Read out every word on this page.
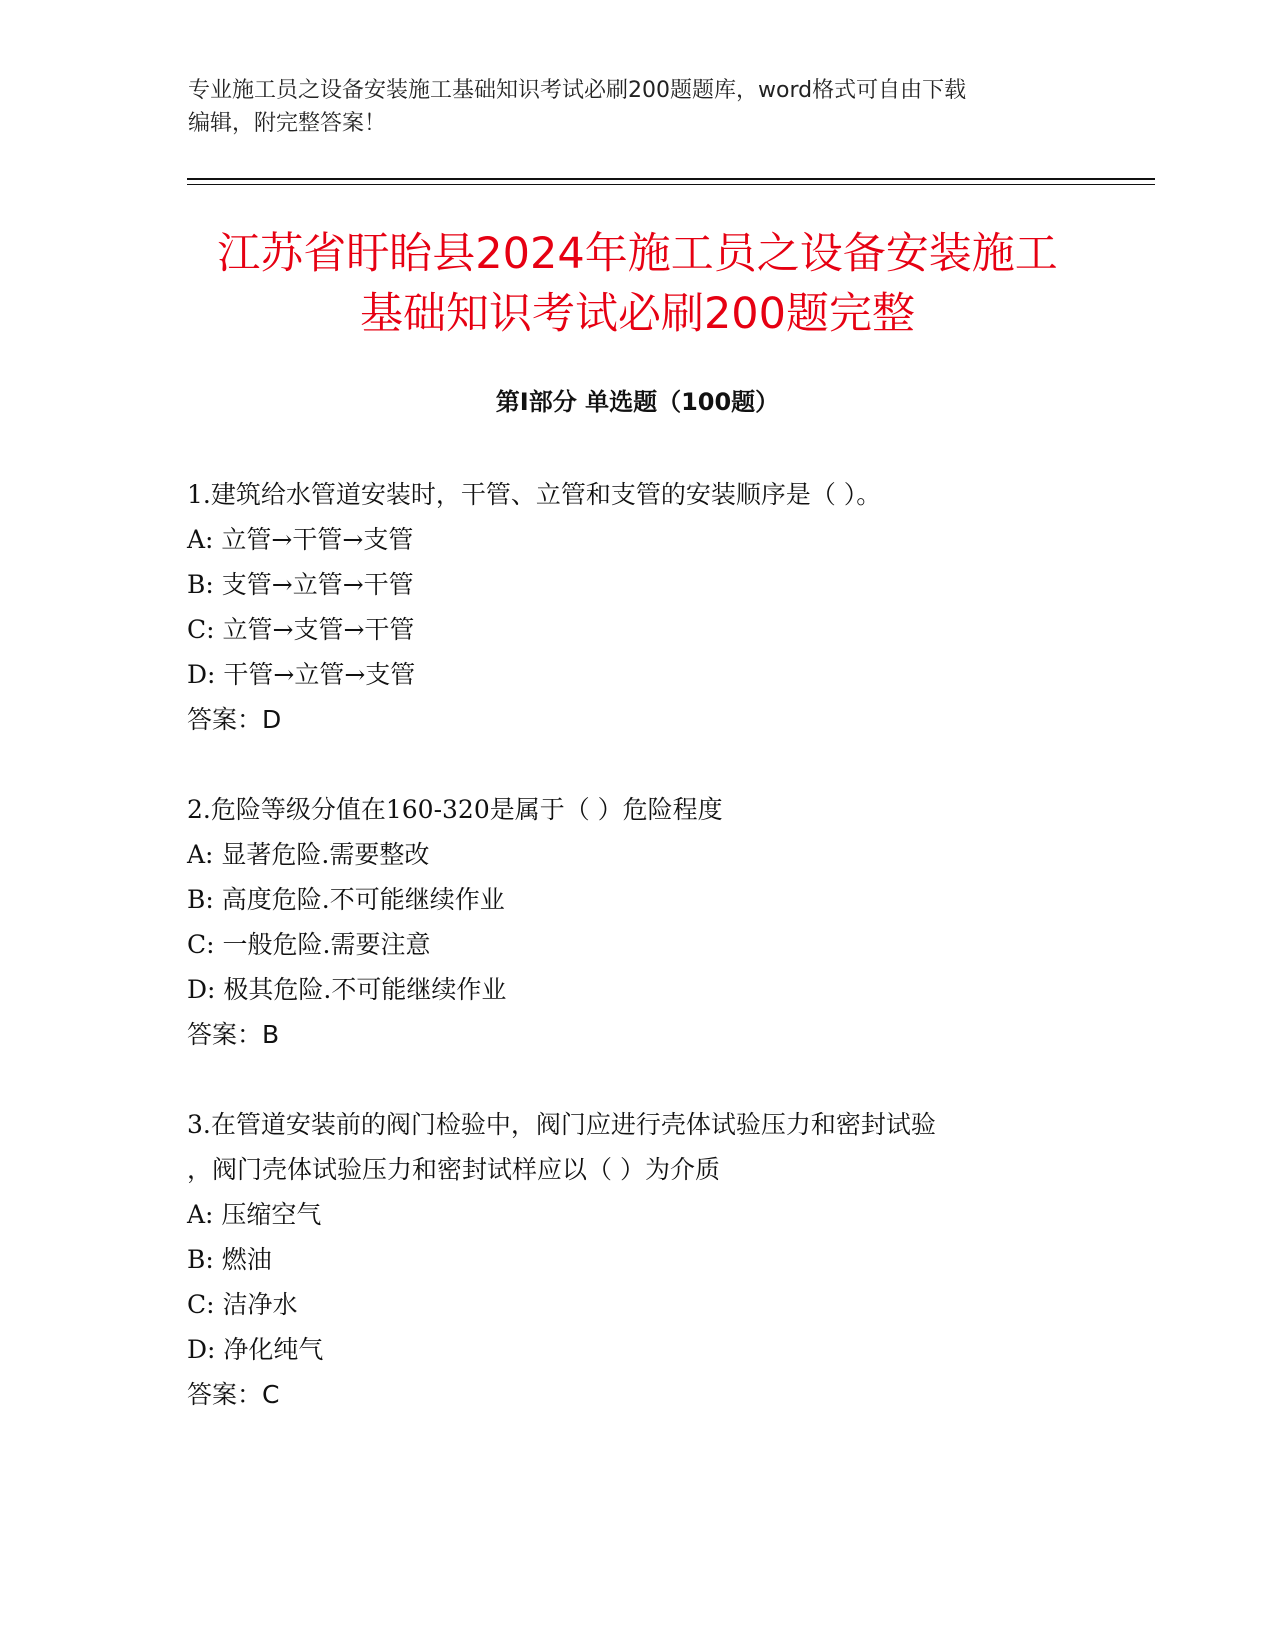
专业施工员之设备安装施工基础知识考试必刷200题题库，word格式可自由下载
编辑，附完整答案！
江苏省盱眙县2024年施工员之设备安装施工
基础知识考试必刷200题完整
第Ⅰ部分 单选题（100题）
1.建筑给水管道安装时，干管、立管和支管的安装顺序是（ ）。
A: 立管→干管→支管
B: 支管→立管→干管
C: 立管→支管→干管
D: 干管→立管→支管
答案：D
2.危险等级分值在160-320是属于（ ）危险程度
A: 显著危险.需要整改
B: 高度危险.不可能继续作业
C: 一般危险.需要注意
D: 极其危险.不可能继续作业
答案：B
3.在管道安装前的阀门检验中，阀门应进行壳体试验压力和密封试验
，阀门壳体试验压力和密封试样应以（ ）为介质
A: 压缩空气
B: 燃油
C: 洁净水
D: 净化纯气
答案：C
